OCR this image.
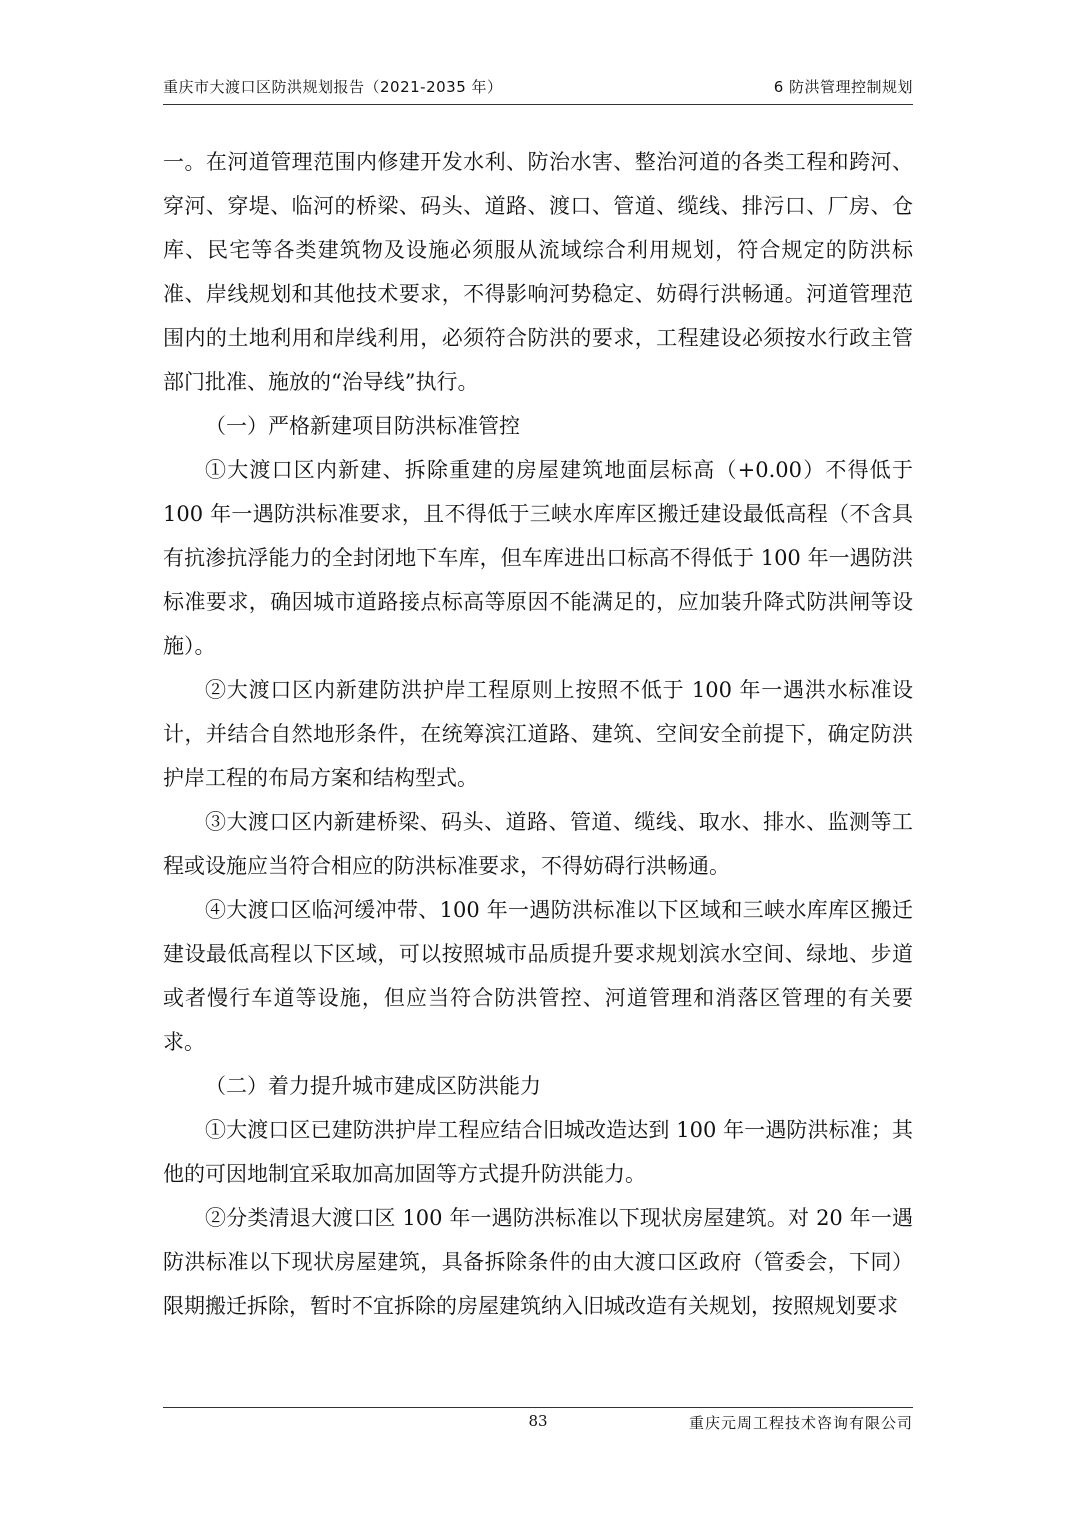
重庆市大渡口区防洪规划报告（2021-2035 年）	6 防洪管理控制规划

一。在河道管理范围内修建开发水利、防治水害、整治河道的各类工程和跨河、穿河、穿堤、临河的桥梁、码头、道路、渡口、管道、缆线、排污口、厂房、仓库、民宅等各类建筑物及设施必须服从流域综合利用规划，符合规定的防洪标准、岸线规划和其他技术要求，不得影响河势稳定、妨碍行洪畅通。河道管理范围内的土地利用和岸线利用，必须符合防洪的要求，工程建设必须按水行政主管部门批准、施放的“治导线”执行。

（一）严格新建项目防洪标准管控

①大渡口区内新建、拆除重建的房屋建筑地面层标高（+0.00）不得低于 100 年一遇防洪标准要求，且不得低于三峡水库库区搬迁建设最低高程（不含具有抗渗抗浮能力的全封闭地下车库，但车库进出口标高不得低于 100 年一遇防洪标准要求，确因城市道路接点标高等原因不能满足的，应加装升降式防洪闸等设施）。

②大渡口区内新建防洪护岸工程原则上按照不低于 100 年一遇洪水标准设计，并结合自然地形条件，在统筹滨江道路、建筑、空间安全前提下，确定防洪护岸工程的布局方案和结构型式。

③大渡口区内新建桥梁、码头、道路、管道、缆线、取水、排水、监测等工程或设施应当符合相应的防洪标准要求，不得妨碍行洪畅通。

④大渡口区临河缓冲带、100 年一遇防洪标准以下区域和三峡水库库区搬迁建设最低高程以下区域，可以按照城市品质提升要求规划滨水空间、绿地、步道或者慢行车道等设施，但应当符合防洪管控、河道管理和消落区管理的有关要求。

（二）着力提升城市建成区防洪能力

①大渡口区已建防洪护岸工程应结合旧城改造达到 100 年一遇防洪标准；其他的可因地制宜采取加高加固等方式提升防洪能力。

②分类清退大渡口区 100 年一遇防洪标准以下现状房屋建筑。对 20 年一遇防洪标准以下现状房屋建筑，具备拆除条件的由大渡口区政府（管委会，下同）限期搬迁拆除，暂时不宜拆除的房屋建筑纳入旧城改造有关规划，按照规划要求

83	重庆元周工程技术咨询有限公司
